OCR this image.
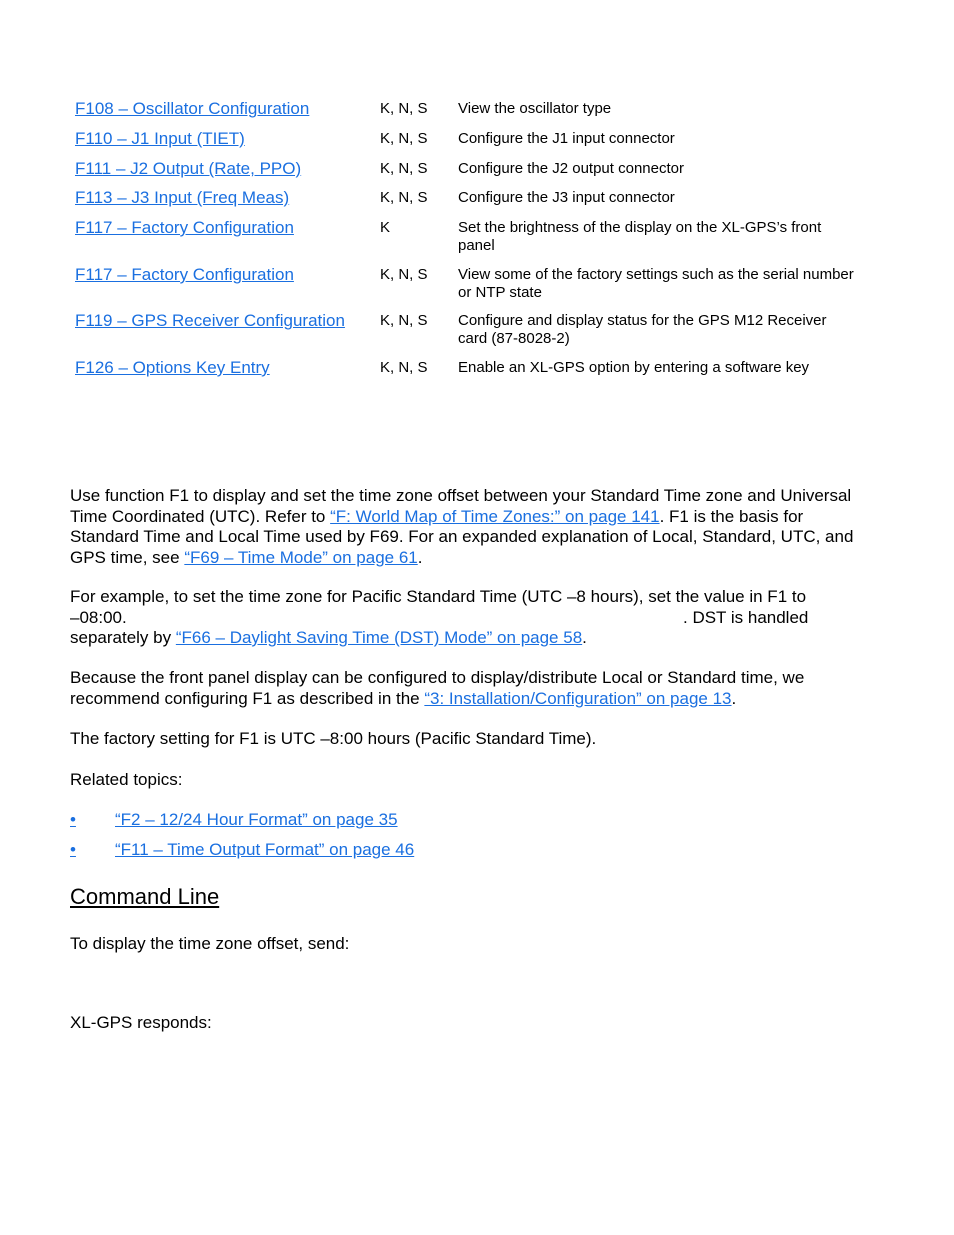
F108 – Oscillator Configuration	K, N, S View the oscillator type
F110 – J1 Input (TIET)	K, N, S Configure the J1 input connector
F111 – J2 Output (Rate, PPO)	K, N, S Configure the J2 output connector
F113 – J3 Input (Freq Meas)	K, N, S Configure the J3 input connector
F117 – Factory Configuration	K	Set the brightness of the display on the XL-GPS’s front panel
F117 – Factory Configuration	K, N, S View some of the factory settings such as the serial number or NTP state
F119 – GPS Receiver Configuration K, N, S Configure and display status for the GPS M12 Receiver card (87-8028-2)
F126 – Options Key Entry	K, N, S Enable an XL-GPS option by entering a software key
Use function F1 to display and set the time zone offset between your Standard Time zone and Universal Time Coordinated (UTC). Refer to “F: World Map of Time Zones:” on page 141. F1 is the basis for Standard Time and Local Time used by F69. For an expanded explanation of Local, Standard, UTC, and GPS time, see “F69 – Time Mode” on page 61.
For example, to set the time zone for Pacific Standard Time (UTC –8 hours), set the value in F1 to
–08:00.	. DST is handled
separately by “F66 – Daylight Saving Time (DST) Mode” on page 58.
Because the front panel display can be configured to display/distribute Local or Standard time, we recommend configuring F1 as described in the “3: Installation/Configuration” on page 13.
The factory setting for F1 is UTC –8:00 hours (Pacific Standard Time).
Related topics:
• “F2 – 12/24 Hour Format” on page 35
• “F11 – Time Output Format” on page 46
Command Line
To display the time zone offset, send:
XL-GPS responds:
